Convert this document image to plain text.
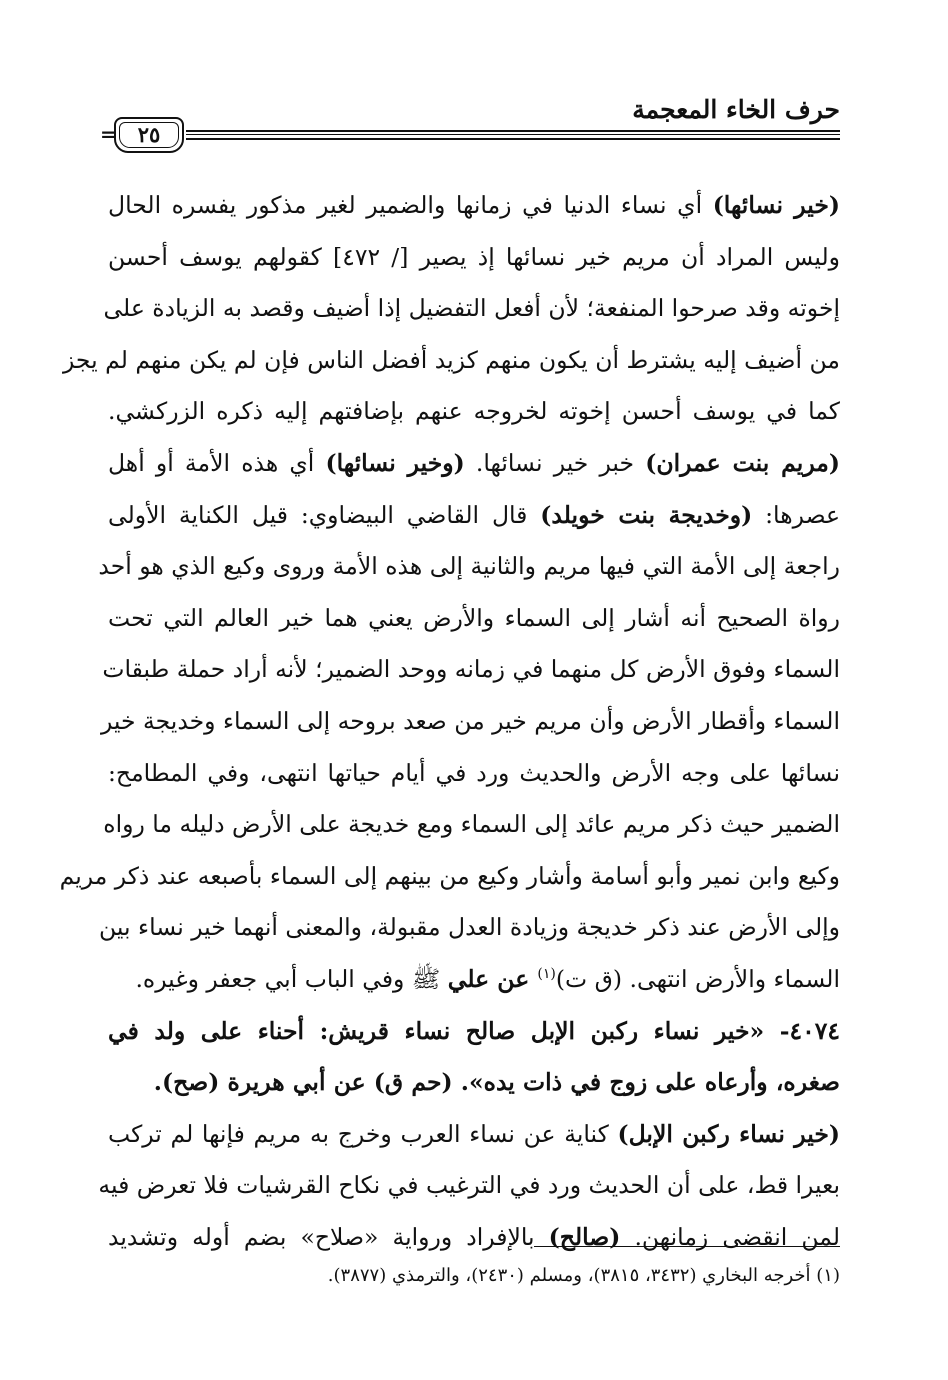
حرف الخاء المعجمة
٢٥
=
(خير نسائها) أي نساء الدنيا في زمانها والضمير لغير مذكور يفسره الحال
وليس المراد أن مريم خير نسائها إذ يصير [/ ٤٧٢] كقولهم يوسف أحسن
إخوته وقد صرحوا المنفعة؛ لأن أفعل التفضيل إذا أضيف وقصد به الزيادة على
من أضيف إليه يشترط أن يكون منهم كزيد أفضل الناس فإن لم يكن منهم لم يجز
كما في يوسف أحسن إخوته لخروجه عنهم بإضافتهم إليه ذكره الزركشي.
(مريم بنت عمران) خبر خير نسائها. (وخير نسائها) أي هذه الأمة أو أهل
عصرها: (وخديجة بنت خويلد) قال القاضي البيضاوي: قيل الكناية الأولى
راجعة إلى الأمة التي فيها مريم والثانية إلى هذه الأمة وروى وكيع الذي هو أحد
رواة الصحيح أنه أشار إلى السماء والأرض يعني هما خير العالم التي تحت
السماء وفوق الأرض كل منهما في زمانه ووحد الضمير؛ لأنه أراد حملة طبقات
السماء وأقطار الأرض وأن مريم خير من صعد بروحه إلى السماء وخديجة خير
نسائها على وجه الأرض والحديث ورد في أيام حياتها انتهى، وفي المطامح:
الضمير حيث ذكر مريم عائد إلى السماء ومع خديجة على الأرض دليله ما رواه
وكيع وابن نمير وأبو أسامة وأشار وكيع من بينهم إلى السماء بأصبعه عند ذكر مريم
وإلى الأرض عند ذكر خديجة وزيادة العدل مقبولة، والمعنى أنهما خير نساء بين
السماء والأرض انتهى. (ق ت)$^{(١)}$ عن علي ﷺ وفي الباب أبي جعفر وغيره.
٤٠٧٤- «خير نساء ركبن الإبل صالح نساء قريش: أحناء على ولد في
صغره، وأرعاه على زوج في ذات يده». (حم ق) عن أبي هريرة (صح).
(خير نساء ركبن الإبل) كناية عن نساء العرب وخرج به مريم فإنها لم تركب
بعيرا قط، على أن الحديث ورد في الترغيب في نكاح القرشيات فلا تعرض فيه
لمن انقضى زمانهن. (صالح) بالإفراد ورواية «صلاح» بضم أوله وتشديد
(١) أخرجه البخاري (٣٤٣٢، ٣٨١٥)، ومسلم (٢٤٣٠)، والترمذي (٣٨٧٧).
